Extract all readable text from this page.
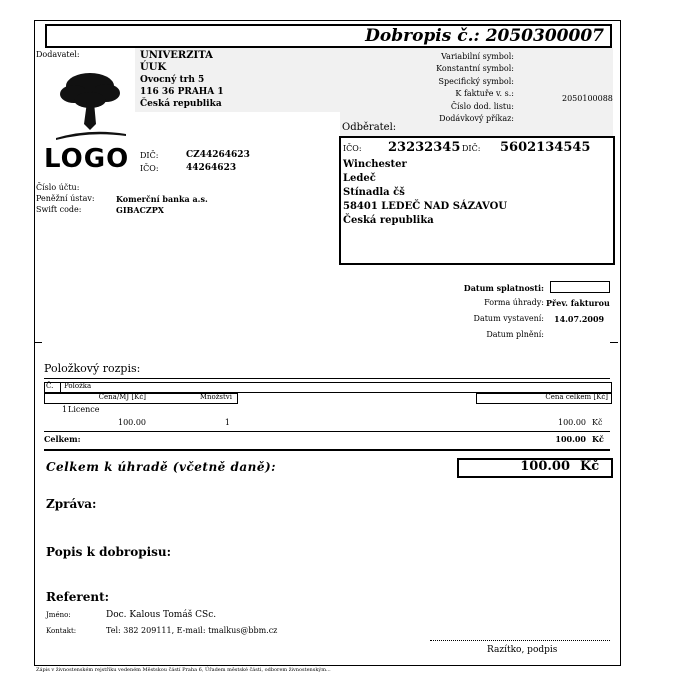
Dobropis č.: 2050300007
Dodavatel:	UNIVERZITA
ÚUK
Ovocný trh 5
116 36 PRAHA 1
Česká republika
LOGO DIČ:	CZ44264623
IČO:	44264623
Číslo účtu:
Peněžní ústav:	Komerční banka a.s.
Swift code:	GIBACZPX
Variabilní symbol:
Konstantní symbol:
Specifický symbol:
K faktuře v. s.:
Číslo dod. listu:
Dodávkový příkaz:
2050100088
Odběratel:
IČO: 23232345 DIČ: 5602134545
Winchester
Ledeč
Stínadla čš
58401 LEDEČ NAD SÁZAVOU
Česká republika
Datum splatnosti:
Forma úhrady: Přev. fakturou
Datum vystavení: 14.07.2009
Datum plnění:
Položkový rozpis:
Č. Položka
Cena/MJ [Kč]	Množství	Cena celkem [Kč]
1 Licence
100.00	1	100.00 Kč
Celkem:	100.00 Kč
Celkem k úhradě (včetně daně):	100.00 Kč
Zpráva:
Popis k dobropisu:
Referent:
Jméno:	Doc. Kalous Tomáš CSc.
Kontakt:	Tel: 382 209111, E-mail: tmalkus@bbm.cz
Razítko, podpis
Zápis v živnostenském rejstříku vedeném Městskou částí Praha 6, Úřadem městské části, odborem živnostenským...
